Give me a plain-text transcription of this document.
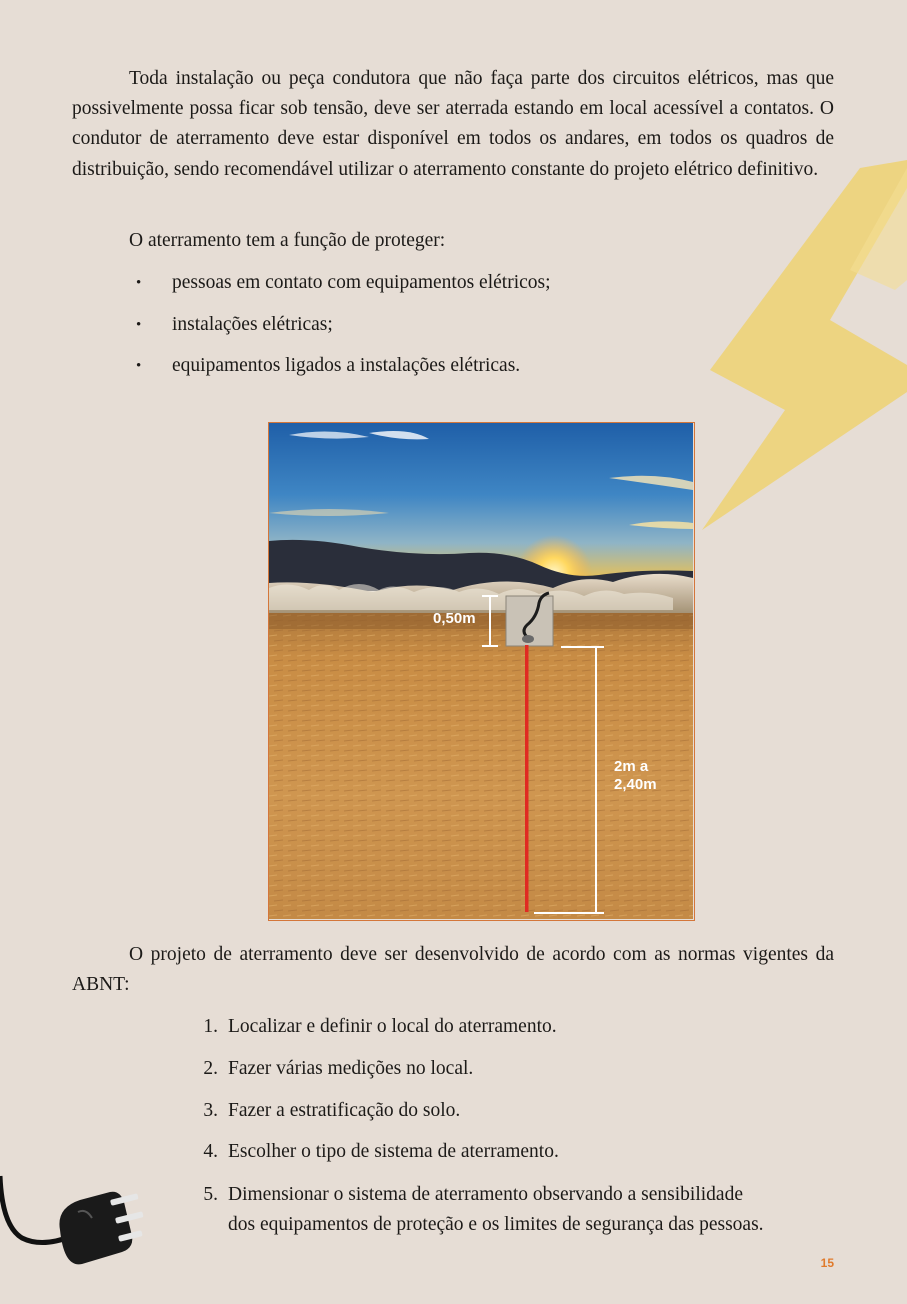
Toda instalação ou peça condutora que não faça parte dos circuitos elétricos, mas que possivelmente possa ficar sob tensão, deve ser aterrada estando em local acessível a contatos. O condutor de aterramento deve estar disponível em todos os andares, em todos os quadros de distribuição, sendo recomendável utilizar o aterramento constante do projeto elétrico definitivo.

O aterramento tem a função de proteger:

• pessoas em contato com equipamentos elétricos;
• instalações elétricas;
• equipamentos ligados a instalações elétricas.
0,50m
2m a
2,40m

O projeto de aterramento deve ser desenvolvido de acordo com as normas vigentes da ABNT:

1. Localizar e definir o local do aterramento.
2. Fazer várias medições no local.
3. Fazer a estratificação do solo.
4. Escolher o tipo de sistema de aterramento.
5. Dimensionar o sistema de aterramento observando a sensibilidade
dos equipamentos de proteção e os limites de segurança das pessoas.
15
